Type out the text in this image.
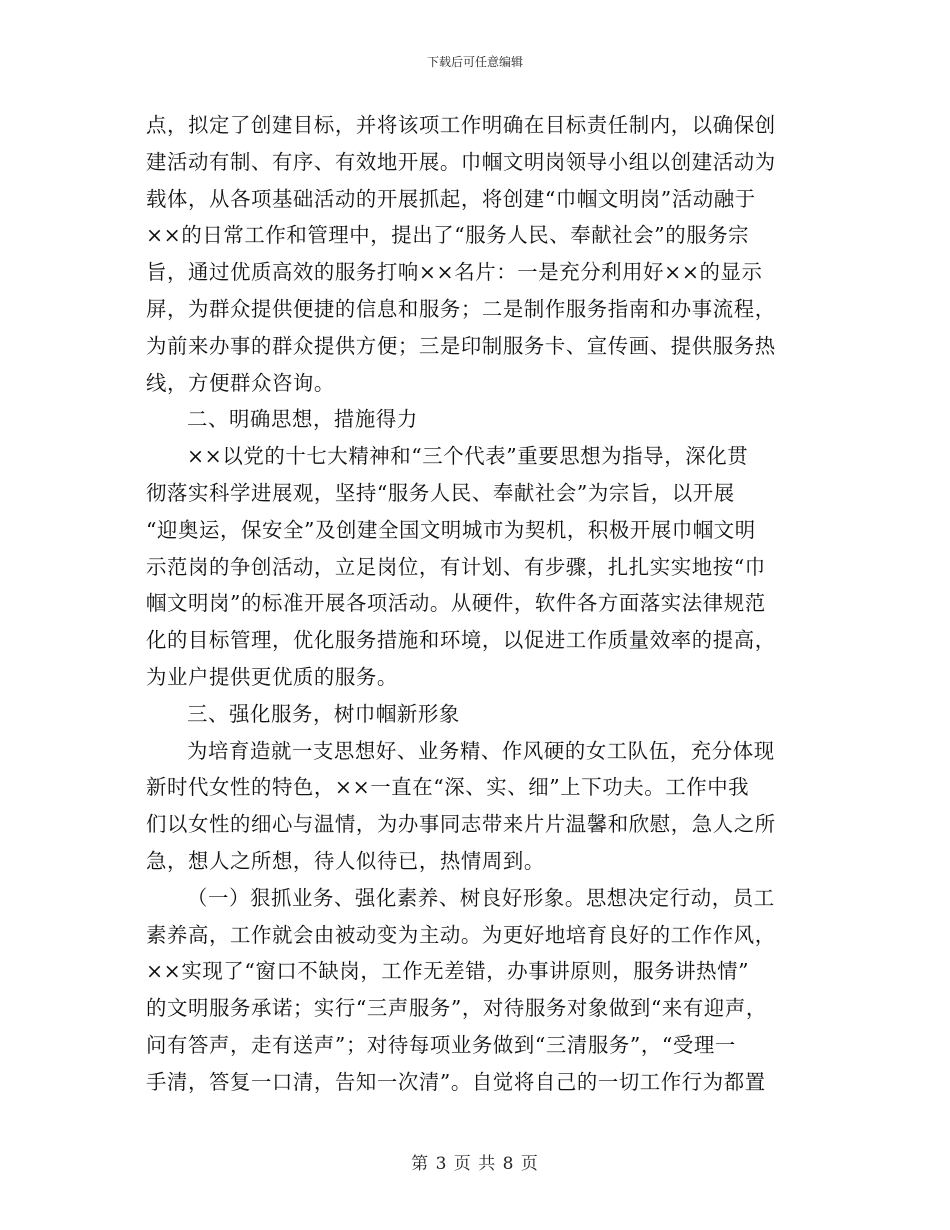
下载后可任意编辑
点，拟定了创建目标，并将该项工作明确在目标责任制内，以确保创
建活动有制、有序、有效地开展。巾帼文明岗领导小组以创建活动为
载体，从各项基础活动的开展抓起，将创建“巾帼文明岗”活动融于
××的日常工作和管理中，提出了“服务人民、奉献社会”的服务宗
旨，通过优质高效的服务打响××名片：一是充分利用好××的显示
屏，为群众提供便捷的信息和服务；二是制作服务指南和办事流程，
为前来办事的群众提供方便；三是印制服务卡、宣传画、提供服务热
线，方便群众咨询。
二、明确思想，措施得力
××以党的十七大精神和“三个代表”重要思想为指导，深化贯
彻落实科学进展观，坚持“服务人民、奉献社会”为宗旨，以开展
“迎奥运，保安全”及创建全国文明城市为契机，积极开展巾帼文明
示范岗的争创活动，立足岗位，有计划、有步骤，扎扎实实地按“巾
帼文明岗”的标准开展各项活动。从硬件，软件各方面落实法律规范
化的目标管理，优化服务措施和环境，以促进工作质量效率的提高，
为业户提供更优质的服务。
三、强化服务，树巾帼新形象
为培育造就一支思想好、业务精、作风硬的女工队伍，充分体现
新时代女性的特色，××一直在“深、实、细”上下功夫。工作中我
们以女性的细心与温情，为办事同志带来片片温馨和欣慰，急人之所
急，想人之所想，待人似待已，热情周到。
（一）狠抓业务、强化素养、树良好形象。思想决定行动，员工
素养高，工作就会由被动变为主动。为更好地培育良好的工作作风，
××实现了“窗口不缺岗，工作无差错，办事讲原则，服务讲热情”
的文明服务承诺；实行“三声服务”，对待服务对象做到“来有迎声，
问有答声，走有送声”；对待每项业务做到“三清服务”，“受理一
手清，答复一口清，告知一次清”。自觉将自己的一切工作行为都置
第 3 页 共 8 页
